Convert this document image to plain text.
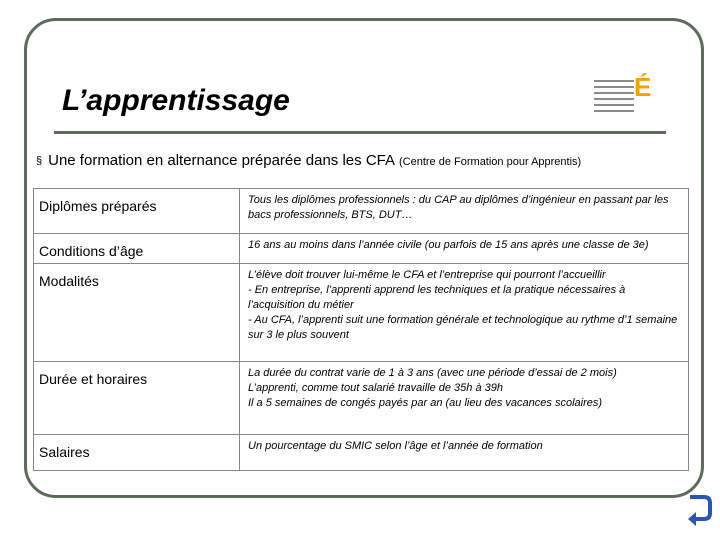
L’apprentissage	É
§ Une formation en alternance préparée dans les CFA (Centre de Formation pour Apprentis)
Diplômes préparés	Tous les diplômes professionnels : du CAP au diplômes d’ingénieur en passant par les bacs professionnels, BTS, DUT…

Conditions d’âge	16 ans au moins dans l’année civile (ou parfois de 15 ans après une classe de 3e)

Modalités	L’élève doit trouver lui-même le CFA et l’entreprise qui pourront l’accueillir

- En entreprise, l’apprenti apprend les techniques et la pratique nécessaires à l’acquisition du métier

- Au CFA, l’apprenti suit une formation générale et technologique au rythme d’1 semaine sur 3 le plus souvent

Durée et horaires	La durée du contrat varie de 1 à 3 ans (avec une période d’essai de 2 mois)

L’apprenti, comme tout salarié travaille de 35h à 39h

Il a 5 semaines de congés payés par an (au lieu des vacances scolaires)

Salaires	Un pourcentage du SMIC selon l’âge et l’année de formation
